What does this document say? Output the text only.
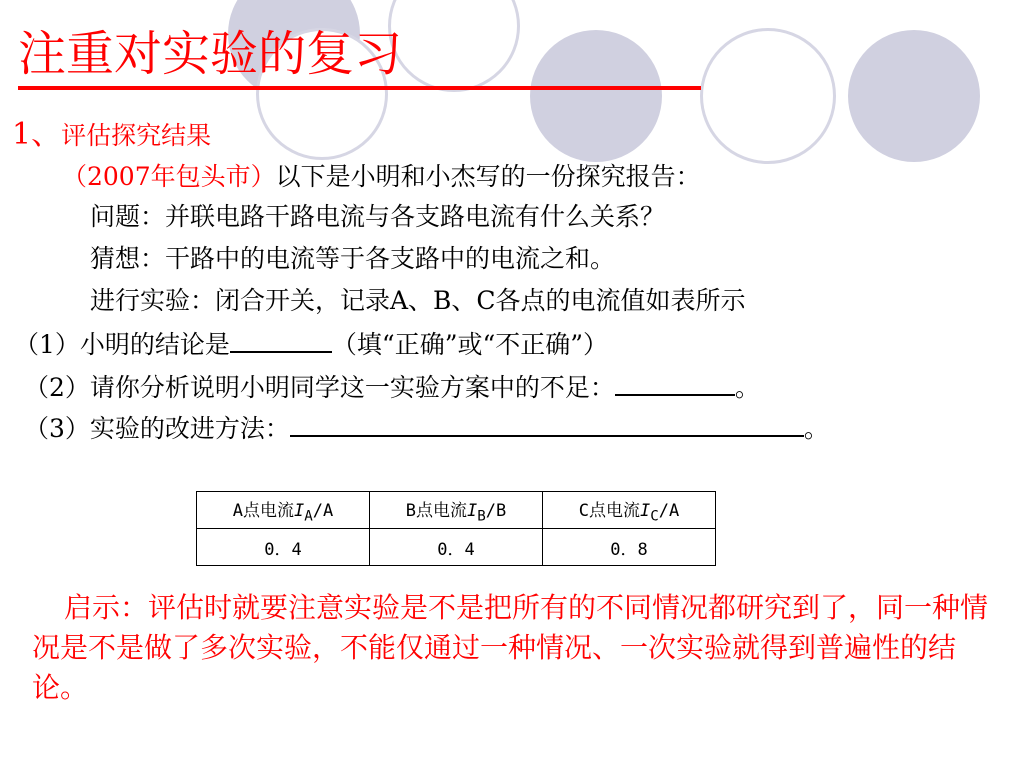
注重对实验的复习
1、评估探究结果
（2007年包头市）以下是小明和小杰写的一份探究报告：
问题：并联电路干路电流与各支路电流有什么关系？
猜想：干路中的电流等于各支路中的电流之和。
进行实验：闭合开关，记录A、B、C各点的电流值如表所示
（1）小明的结论是	（填“正确”或“不正确”）
（2）请你分析说明小明同学这一实验方案中的不足：	。
（3）实验的改进方法：	。
A点电流$I_A/A$	B点电流$I_B/B$	C点电流$I_C/A$
0．4	0．4	0．8
启示：评估时就要注意实验是不是把所有的不同情况都研究到了，同一种情况是不是做了多次实验，不能仅通过一种情况、一次实验就得到普遍性的结论。
